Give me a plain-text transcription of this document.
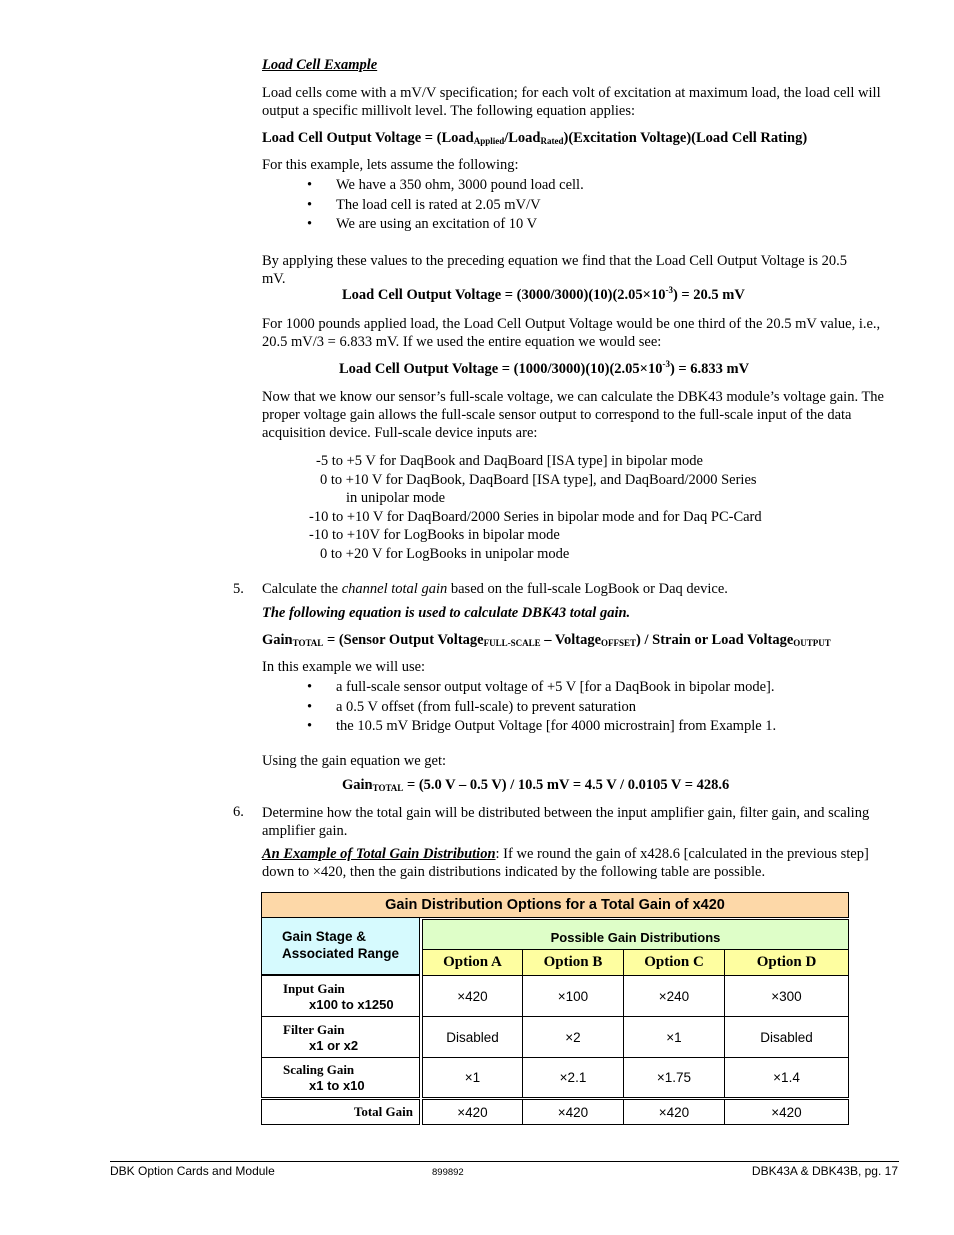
Load Cell Example

Load cells come with a mV/V specification; for each volt of excitation at maximum load, the load cell will output a specific millivolt level. The following equation applies:

Load Cell Output Voltage = (Load$_{Applied}$/Load$_{Rated}$)(Excitation Voltage)(Load Cell Rating)

For this example, lets assume the following:

• We have a 350 ohm, 3000 pound load cell.
• The load cell is rated at 2.05 mV/V
• We are using an excitation of 10 V

By applying these values to the preceding equation we find that the Load Cell Output Voltage is 20.5 mV.

Load Cell Output Voltage = $(3000/3000)(10)(2.05\times 10^{-3}) = 20.5$ mV

For 1000 pounds applied load, the Load Cell Output Voltage would be one third of the 20.5 mV value, i.e., 20.5 mV/3 = 6.833 mV. If we used the entire equation we would see:

Load Cell Output Voltage = $(1000/3000)(10)(2.05\times 10^{-3}) = 6.833$ mV

Now that we know our sensor’s full-scale voltage, we can calculate the DBK43 module’s voltage gain. The proper voltage gain allows the full-scale sensor output to correspond to the full-scale input of the data acquisition device. Full-scale device inputs are:

-5 to +5 V for DaqBook and DaqBoard [ISA type] in bipolar mode
0 to +10 V for DaqBook, DaqBoard [ISA type], and DaqBoard/2000 Series
in unipolar mode
-10 to +10 V for DaqBoard/2000 Series in bipolar mode and for Daq PC-Card
-10 to +10V for LogBooks in bipolar mode
0 to +20 V for LogBooks in unipolar mode
5. Calculate the channel total gain based on the full-scale LogBook or Daq device.

The following equation is used to calculate DBK43 total gain.

Gain$_{TOTAL}$ = (Sensor Output Voltage$_{FULL-SCALE}$ – Voltage$_{OFFSET}$) / Strain or Load Voltage$_{OUTPUT}$

In this example we will use:

• a full-scale sensor output voltage of +5 V [for a DaqBook in bipolar mode].
• a 0.5 V offset (from full-scale) to prevent saturation
• the 10.5 mV Bridge Output Voltage [for 4000 microstrain] from Example 1.

Using the gain equation we get:

Gain$_{TOTAL}$ = (5.0 V – 0.5 V) / 10.5 mV = 4.5 V / 0.0105 V = 428.6

6. Determine how the total gain will be distributed between the input amplifier gain, filter gain, and scaling amplifier gain.

An Example of Total Gain Distribution: If we round the gain of x428.6 [calculated in the previous step] down to ×420, then the gain distributions indicated by the following table are possible.

Gain Distribution Options for a Total Gain of x420
Gain Stage &
Associated Range
Possible Gain Distributions
Option A	Option B	Option C	Option D
Input Gain
x100 to x1250
×420	×100	×240	×300
Filter Gain
x1 or x2
Disabled	×2	×1	Disabled
Scaling Gain
x1 to x10
×1	×2.1	×1.75	×1.4
Total Gain	×420	×420	×420	×420
DBK Option Cards and Module	899892	DBK43A & DBK43B, pg. 17
